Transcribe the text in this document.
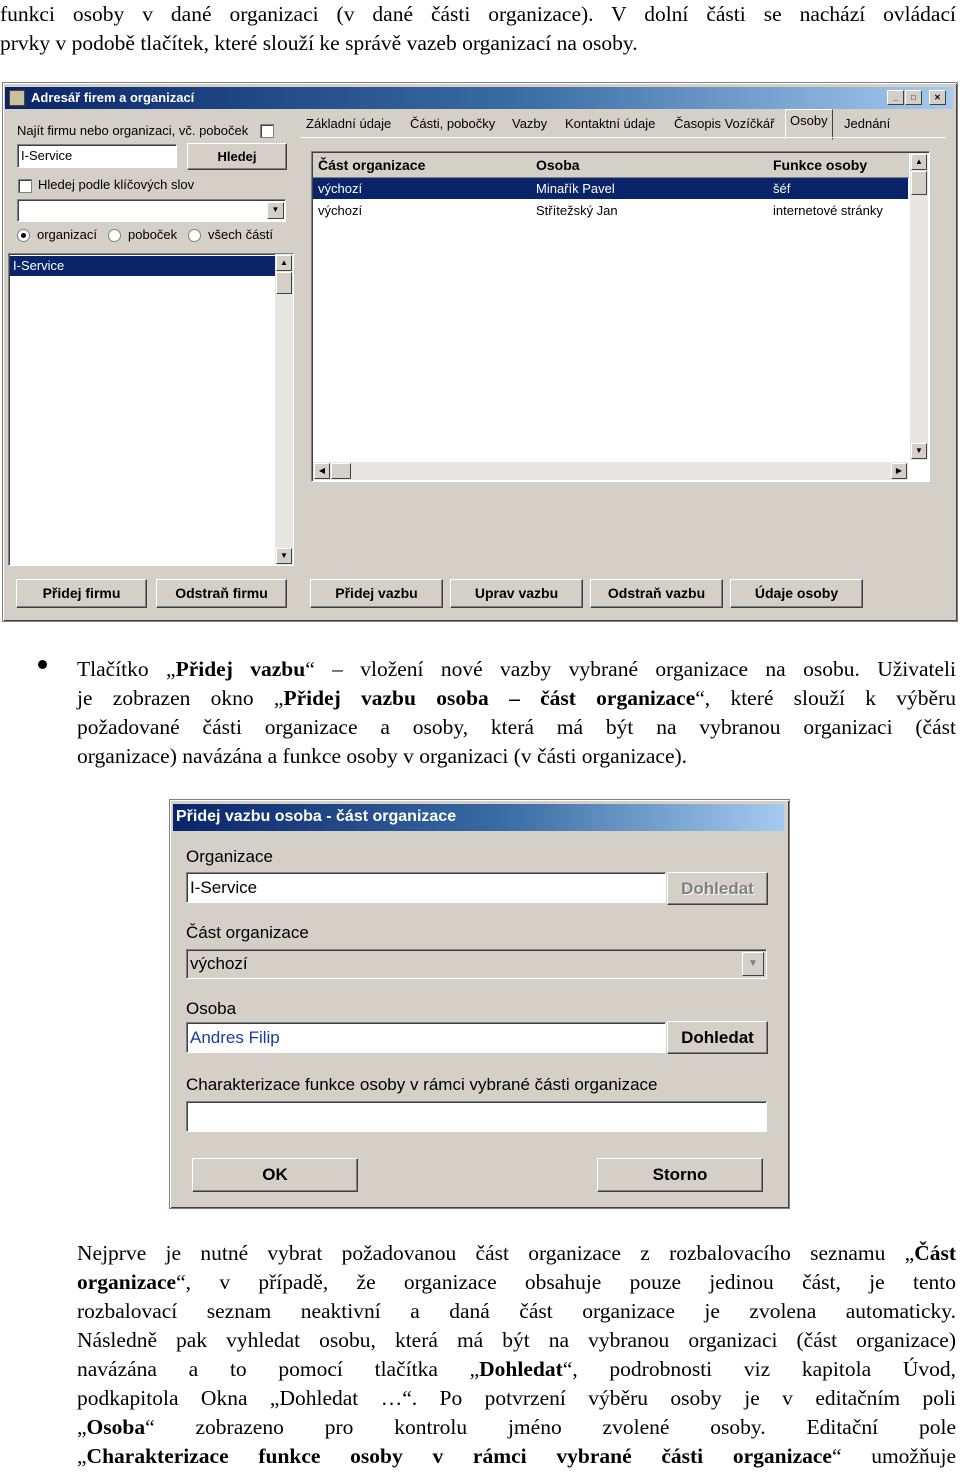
funkci osoby v dané organizaci (v dané části organizace). V dolní části se nachází ovládací
prvky v podobě tlačítek, které slouží ke správě vazeb organizací na osoby.
Adresář firem a organizací	_	□	✕
Najít firmu nebo organizaci, vč. poboček
I-Service	Hledej
Hledej podle klíčových slov
▼
organizací poboček všech částí
I-Service	▲
▼
Přidej firmu	Odstraň firmu
Základní údaje	Části, pobočky	Vazby	Kontaktní údaje	Časopis Vozíčkář	Osoby	Jednání
Část organizace	Osoba	Funkce osoby
výchozí	Minařík Pavel	šéf
výchozí	Střítežský Jan	internetové stránky
▲
▼
◀	▶
Přidej vazbu	Uprav vazbu	Odstraň vazbu	Údaje osoby
Tlačítko „Přidej vazbu“ – vložení nové vazby vybrané organizace na osobu. Uživateli
je zobrazen okno „Přidej vazbu osoba – část organizace“, které slouží k výběru
požadované části organizace a osoby, která má být na vybranou organizaci (část
organizace) navázána a funkce osoby v organizaci (v části organizace).
Přidej vazbu osoba - část organizace
Organizace
I-Service	Dohledat
Část organizace
výchozí	▼
Osoba
Andres Filip	Dohledat
Charakterizace funkce osoby v rámci vybrané části organizace
OK	Storno
Nejprve je nutné vybrat požadovanou část organizace z rozbalovacího seznamu „Část
organizace“, v případě, že organizace obsahuje pouze jedinou část, je tento
rozbalovací seznam neaktivní a daná část organizace je zvolena automaticky.
Následně pak vyhledat osobu, která má být na vybranou organizaci (část organizace)
navázána a to pomocí tlačítka „Dohledat“, podrobnosti viz kapitola Úvod,
podkapitola Okna „Dohledat …“. Po potvrzení výběru osoby je v editačním poli
„Osoba“ zobrazeno pro kontrolu jméno zvolené osoby. Editační pole
„Charakterizace funkce osoby v rámci vybrané části organizace“ umožňuje
